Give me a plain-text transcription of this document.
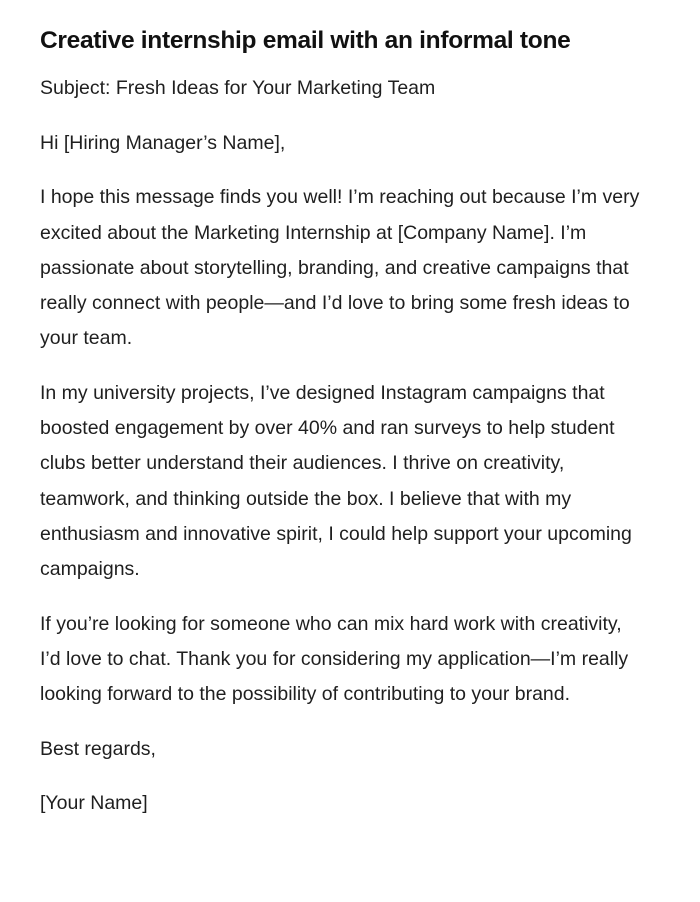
Creative internship email with an informal tone

Subject: Fresh Ideas for Your Marketing Team

Hi [Hiring Manager’s Name],

I hope this message finds you well! I’m reaching out because I’m very excited about the Marketing Internship at [Company Name]. I’m passionate about storytelling, branding, and creative campaigns that really connect with people—and I’d love to bring some fresh ideas to your team.

In my university projects, I’ve designed Instagram campaigns that boosted engagement by over 40% and ran surveys to help student clubs better understand their audiences. I thrive on creativity, teamwork, and thinking outside the box. I believe that with my enthusiasm and innovative spirit, I could help support your upcoming campaigns.

If you’re looking for someone who can mix hard work with creativity, I’d love to chat. Thank you for considering my application—I’m really looking forward to the possibility of contributing to your brand.

Best regards,

[Your Name]
